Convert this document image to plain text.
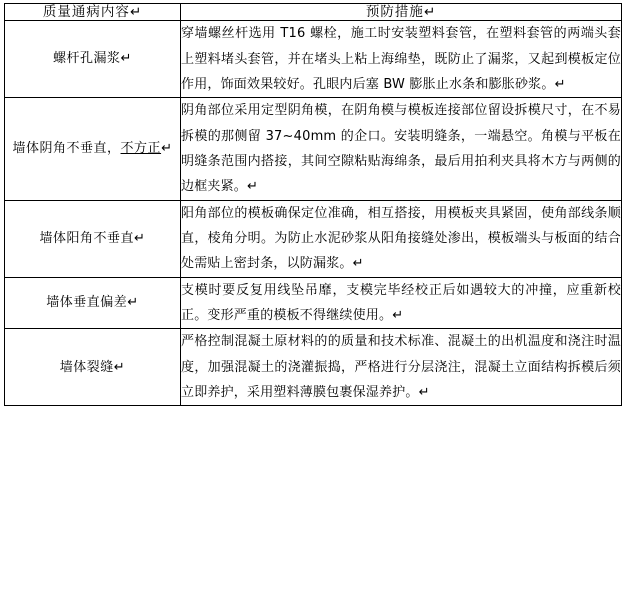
质量通病内容↵	预防措施↵
螺杆孔漏浆↵	穿墙螺丝杆选用 T16 螺栓，施工时安装塑料套管，在塑料套管的两端头套上塑料堵头套管，并在堵头上粘上海绵垫，既防止了漏浆，又起到模板定位作用，饰面效果较好。孔眼内后塞 BW 膨胀止水条和膨胀砂浆。↵
墙体阴角不垂直，不方正↵	阴角部位采用定型阴角模，在阴角模与模板连接部位留设拆模尺寸，在不易拆模的那侧留 37~40mm 的企口。安装明缝条，一端悬空。角模与平板在明缝条范围内搭接，其间空隙粘贴海绵条，最后用拍利夹具将木方与两侧的边框夹紧。↵
墙体阳角不垂直↵	阳角部位的模板确保定位准确，相互搭接，用模板夹具紧固，使角部线条顺直，棱角分明。为防止水泥砂浆从阳角接缝处渗出，模板端头与板面的结合处需贴上密封条，以防漏浆。↵
墙体垂直偏差↵	支模时要反复用线坠吊靡，支模完毕经校正后如遇较大的冲撞，应重新校正。变形严重的模板不得继续使用。↵
墙体裂缝↵	严格控制混凝土原材料的的质量和技术标准、混凝土的出机温度和浇注时温度，加强混凝土的浇灌振捣，严格进行分层浇注，混凝土立面结构拆模后须立即养护，采用塑料薄膜包裹保湿养护。↵
